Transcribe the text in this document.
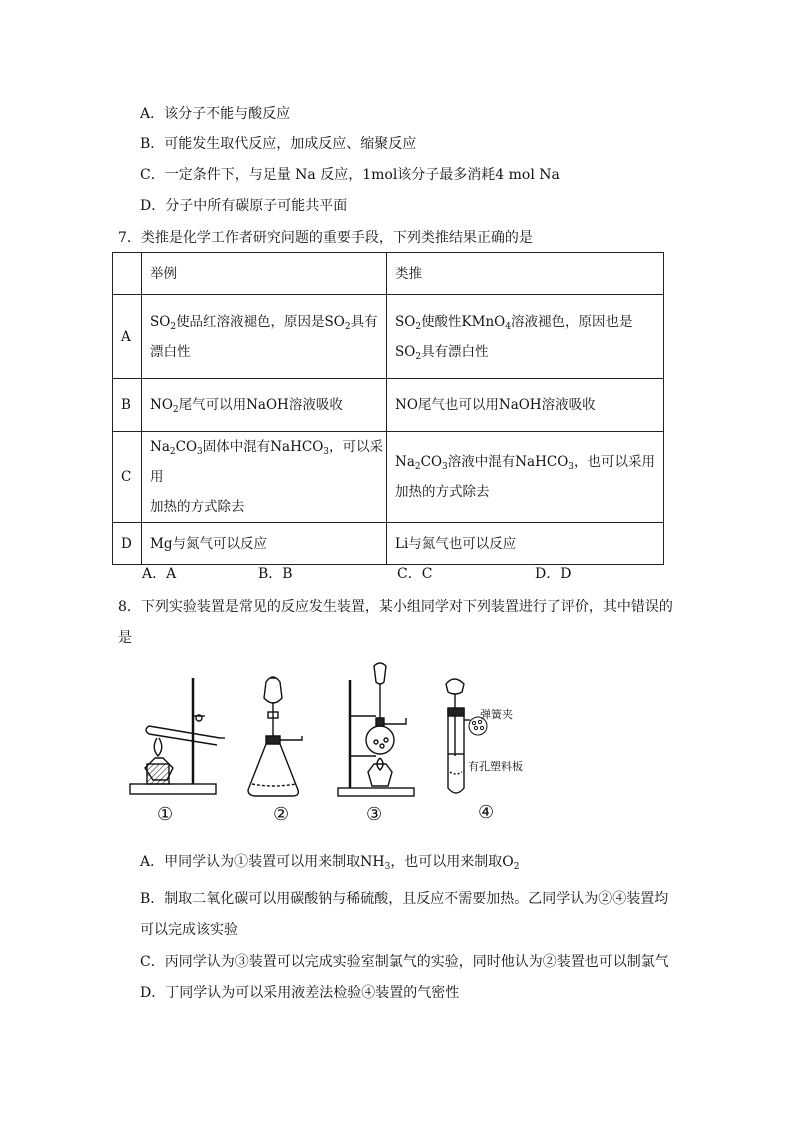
A．该分子不能与酸反应
B．可能发生取代反应，加成反应、缩聚反应
C．一定条件下，与足量 Na 反应，1mol该分子最多消耗4 mol Na
D．分子中所有碳原子可能共平面
7．类推是化学工作者研究问题的重要手段，下列类推结果正确的是
	举例	类推
A	$SO_2$使品红溶液褪色，原因是$SO_2$具有
漂白性	$SO_2$使酸性KMnO$_4$溶液褪色，原因也是
$SO_2$具有漂白性
B	$NO_2$尾气可以用NaOH溶液吸收	NO尾气也可以用NaOH溶液吸收
C	$Na_2CO_3$固体中混有NaHCO$_3$，可以采用
加热的方式除去	$Na_2CO_3$溶液中混有NaHCO$_3$，也可以采用
加热的方式除去
D	Mg与氮气可以反应	Li与氮气也可以反应
A．A	B．B	C．C	D．D
8．下列实验装置是常见的反应发生装置，某小组同学对下列装置进行了评价，其中错误的
是
弹簧夹
有孔塑料板
①	②	③	④
A．甲同学认为①装置可以用来制取$NH_3$，也可以用来制取$O_2$
B．制取二氧化碳可以用碳酸钠与稀硫酸，且反应不需要加热。乙同学认为②④装置均
可以完成该实验
C．丙同学认为③装置可以完成实验室制氯气的实验，同时他认为②装置也可以制氯气
D．丁同学认为可以采用液差法检验④装置的气密性
